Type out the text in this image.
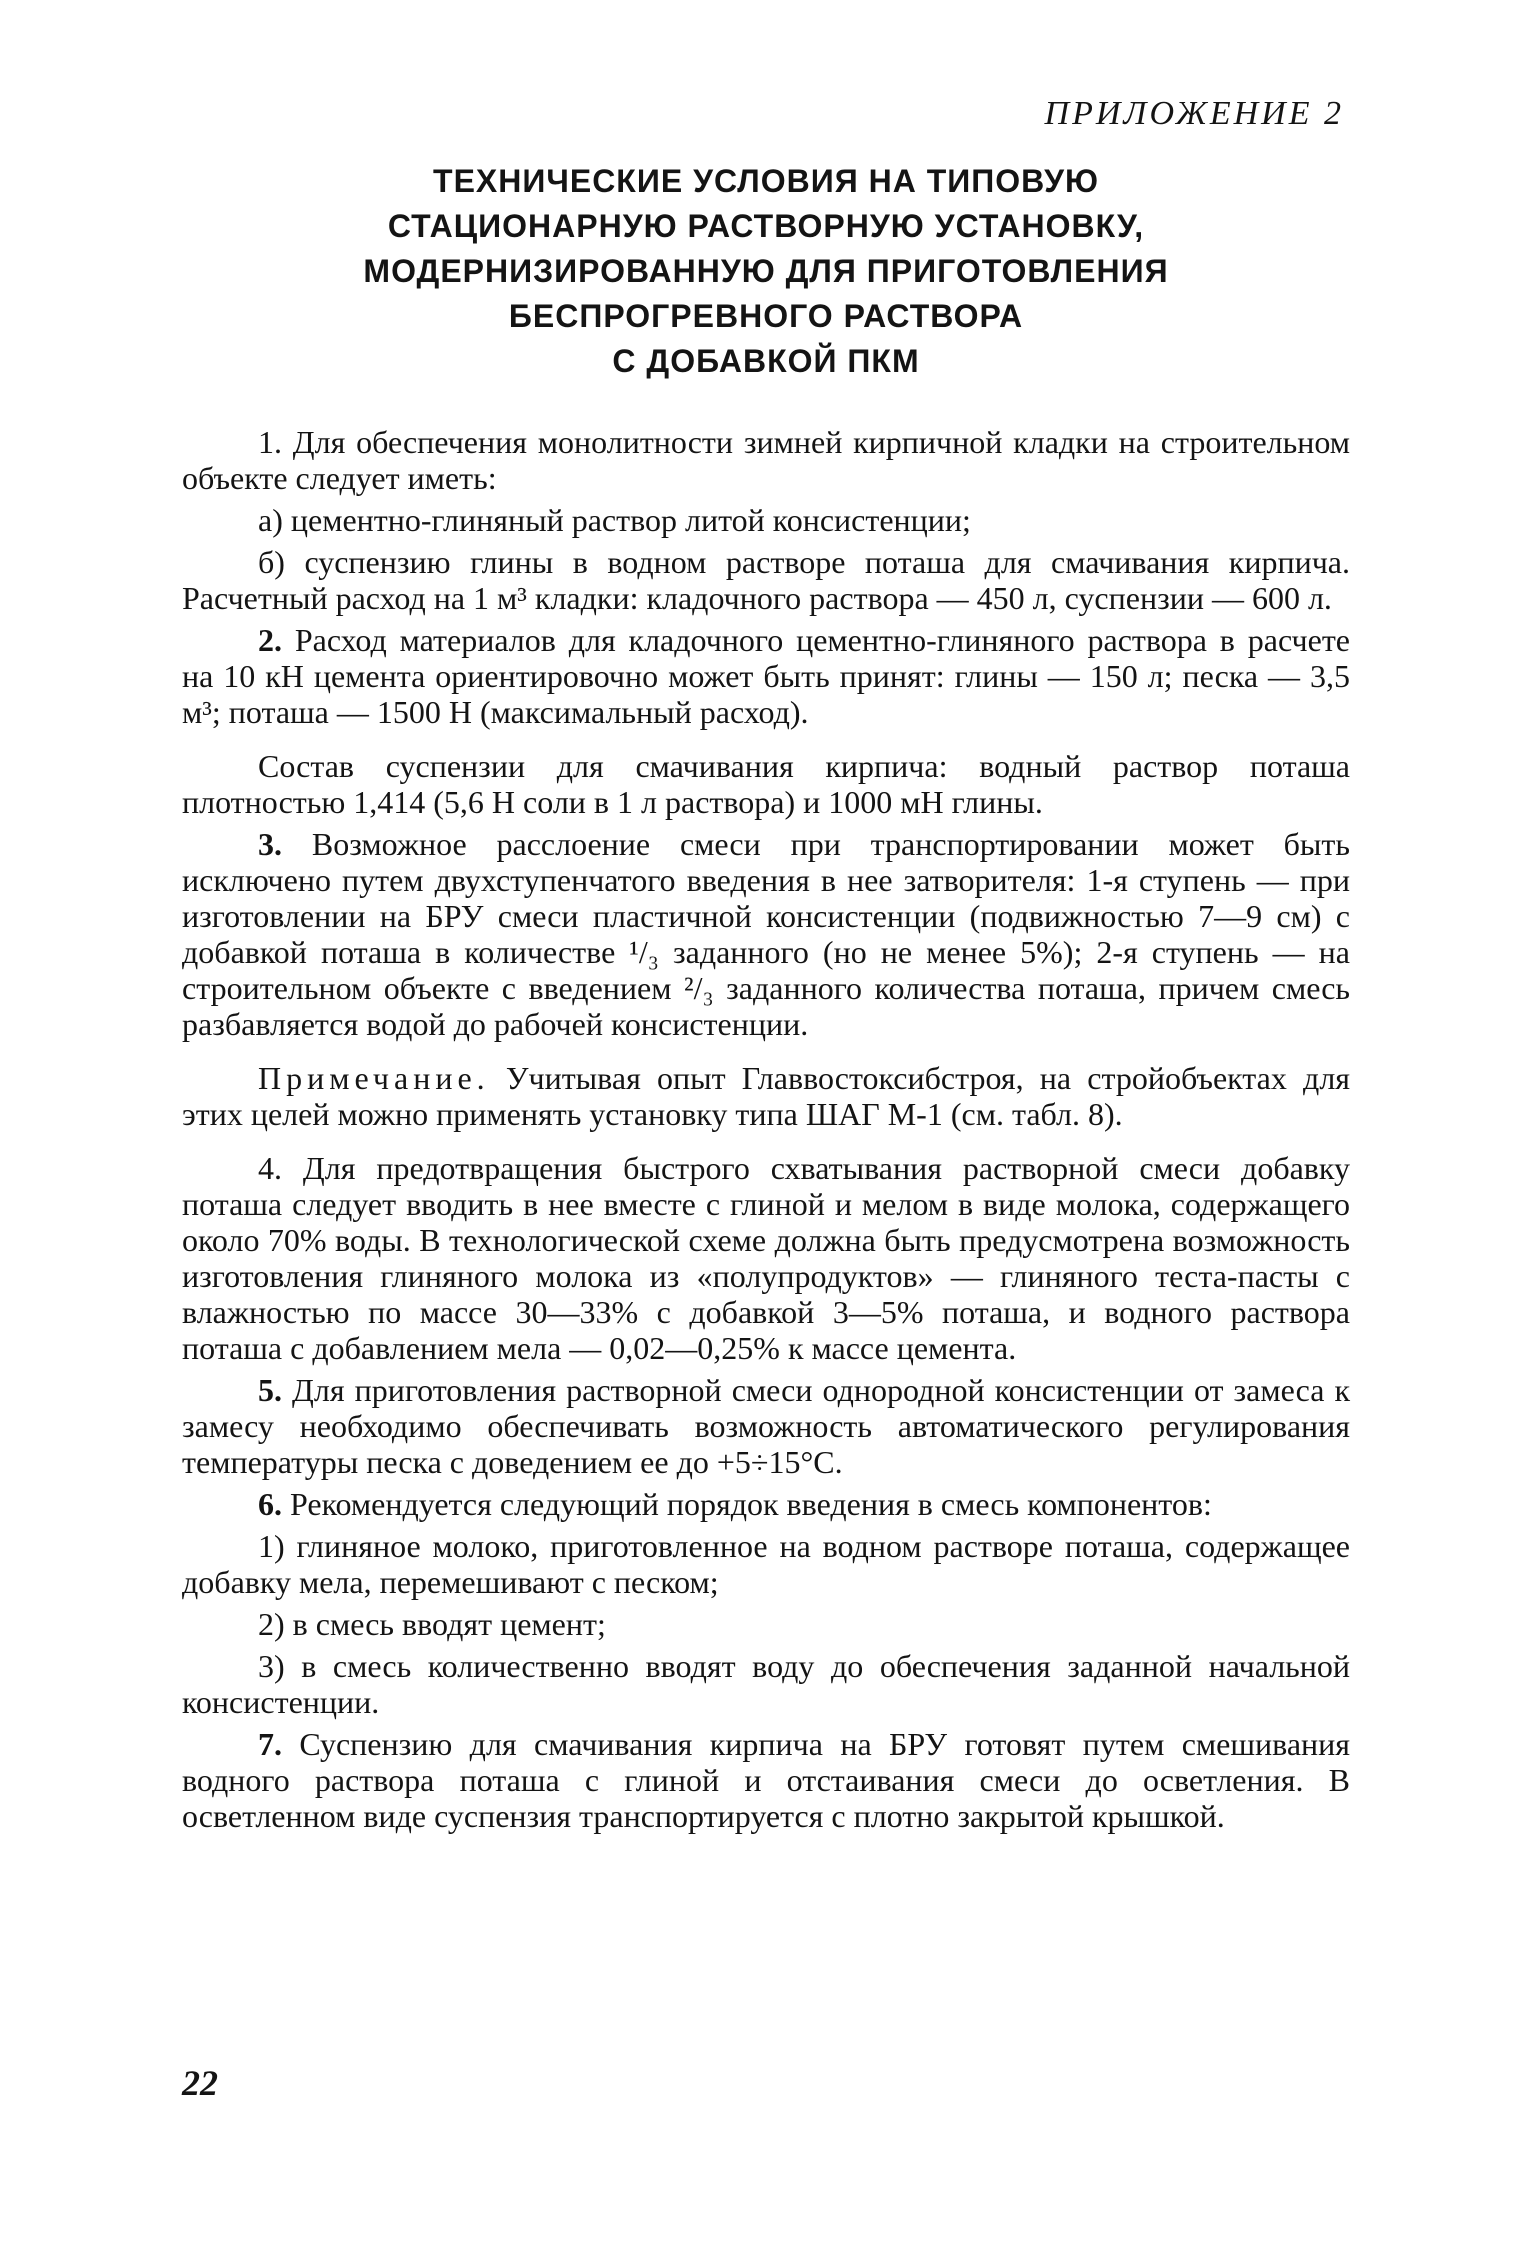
ПРИЛОЖЕНИЕ 2
ТЕХНИЧЕСКИЕ УСЛОВИЯ НА ТИПОВУЮ
СТАЦИОНАРНУЮ РАСТВОРНУЮ УСТАНОВКУ,
МОДЕРНИЗИРОВАННУЮ ДЛЯ ПРИГОТОВЛЕНИЯ
БЕСПРОГРЕВНОГО РАСТВОРА
С ДОБАВКОЙ ПКМ

1. Для обеспечения монолитности зимней кирпичной кладки на строительном объекте следует иметь:

а) цементно-глиняный раствор литой консистенции;

б) суспензию глины в водном растворе поташа для смачивания кирпича. Расчетный расход на 1 м³ кладки: кладочного раствора — 450 л, суспензии — 600 л.

2. Расход материалов для кладочного цементно-глиняного раствора в расчете на 10 кН цемента ориентировочно может быть принят: глины — 150 л; песка — 3,5 м³; поташа — 1500 Н (максимальный расход).

Состав суспензии для смачивания кирпича: водный раствор поташа плотностью 1,414 (5,6 Н соли в 1 л раствора) и 1000 мН глины.

3. Возможное расслоение смеси при транспортировании может быть исключено путем двухступенчатого введения в нее затворителя: 1-я ступень — при изготовлении на БРУ смеси пластичной консистенции (подвижностью 7—9 см) с добавкой поташа в количестве ¹/₃ заданного (но не менее 5%); 2-я ступень — на строительном объекте с введением ²/₃ заданного количества поташа, причем смесь разбавляется водой до рабочей консистенции.

Примечание. Учитывая опыт Главвостоксибстроя, на стройобъектах для этих целей можно применять установку типа ШАГ М-1 (см. табл. 8).

4. Для предотвращения быстрого схватывания растворной смеси добавку поташа следует вводить в нее вместе с глиной и мелом в виде молока, содержащего около 70% воды. В технологической схеме должна быть предусмотрена возможность изготовления глиняного молока из «полупродуктов» — глиняного теста-пасты с влажностью по массе 30—33% с добавкой 3—5% поташа, и водного раствора поташа с добавлением мела — 0,02—0,25% к массе цемента.

5. Для приготовления растворной смеси однородной консистенции от замеса к замесу необходимо обеспечивать возможность автоматического регулирования температуры песка с доведением ее до +5÷15°С.

6. Рекомендуется следующий порядок введения в смесь компонентов:

1) глиняное молоко, приготовленное на водном растворе поташа, содержащее добавку мела, перемешивают с песком;

2) в смесь вводят цемент;

3) в смесь количественно вводят воду до обеспечения заданной начальной консистенции.

7. Суспензию для смачивания кирпича на БРУ готовят путем смешивания водного раствора поташа с глиной и отстаивания смеси до осветления. В осветленном виде суспензия транспортируется с плотно закрытой крышкой.

22
